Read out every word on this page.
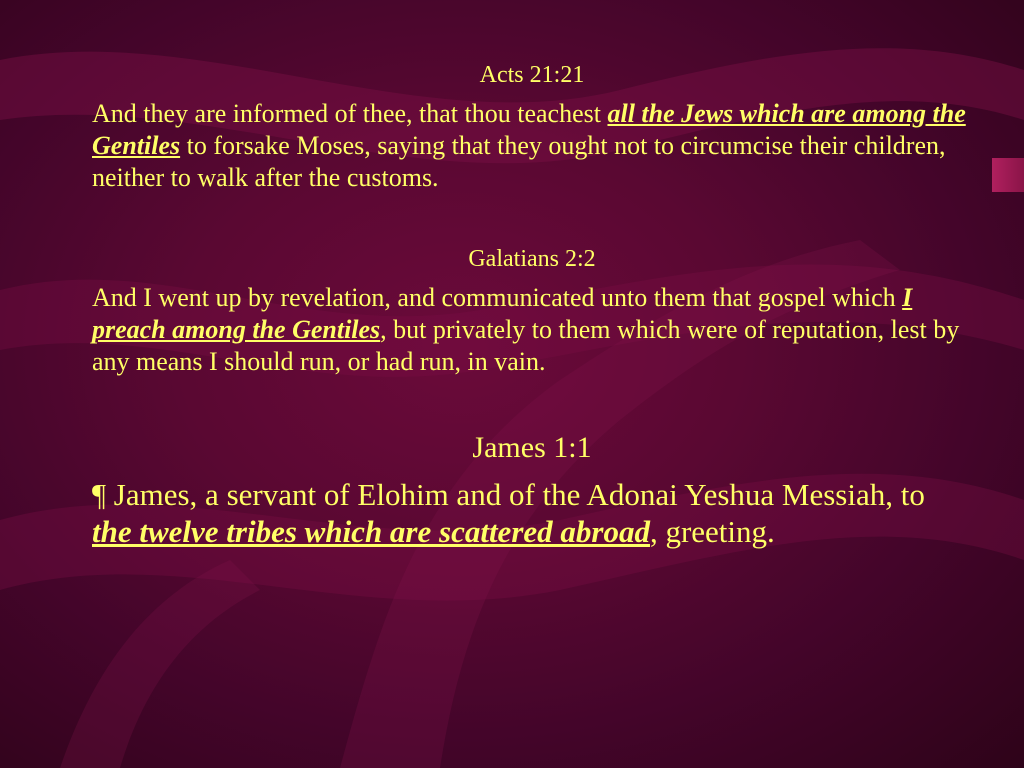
Acts 21:21

And they are informed of thee, that thou teachest all the Jews which are among the Gentiles to forsake Moses, saying that they ought not to circumcise their children, neither to walk after the customs.

Galatians 2:2

And I went up by revelation, and communicated unto them that gospel which I preach among the Gentiles, but privately to them which were of reputation, lest by any means I should run, or had run, in vain.

James 1:1

¶ James, a servant of Elohim and of the Adonai Yeshua Messiah, to the twelve tribes which are scattered abroad, greeting.
